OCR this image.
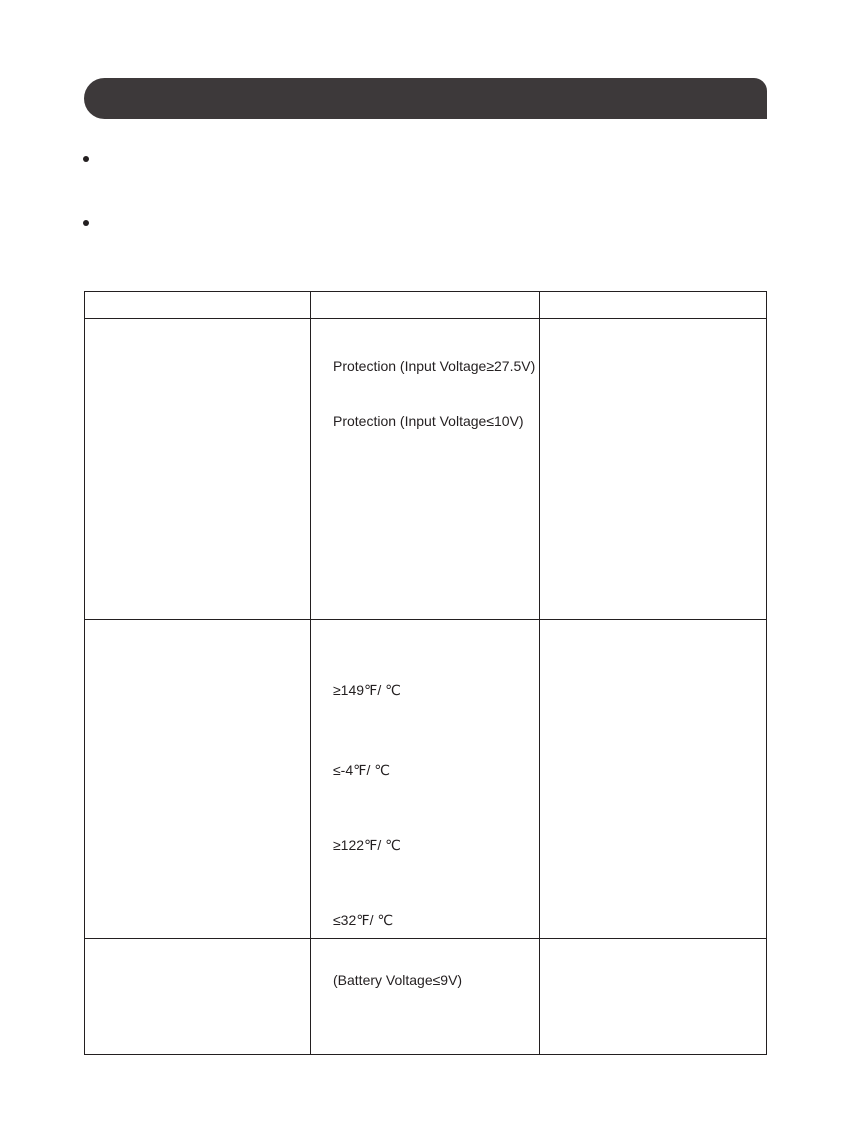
	Protection (Input Voltage≥27.5V)
Protection (Input Voltage≤10V)	

	≥149℉/ ℃
≤-4℉/ ℃
≥122℉/ ℃
≤32℉/ ℃	

	(Battery Voltage≤9V)	
